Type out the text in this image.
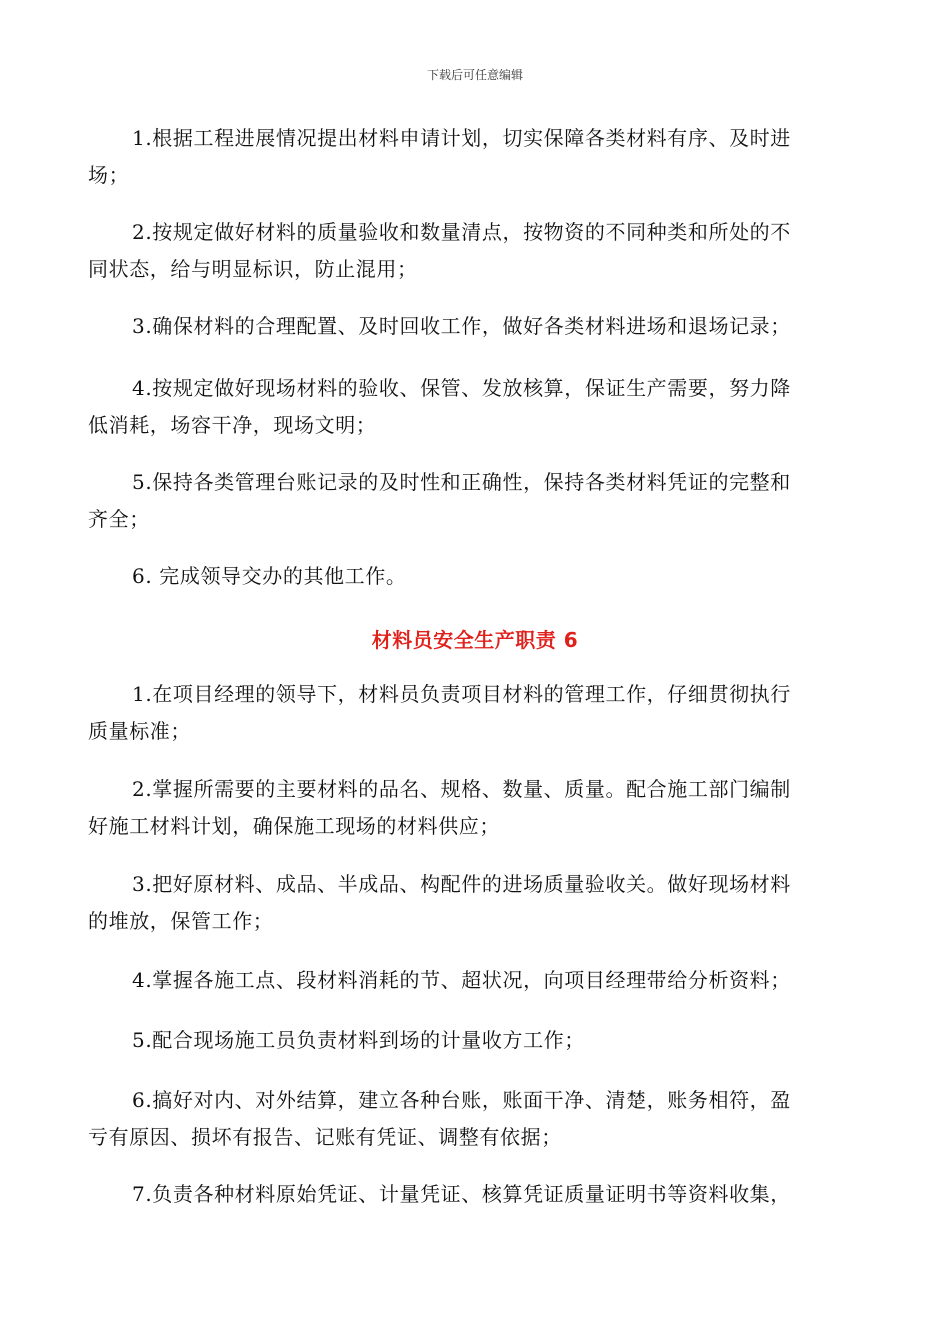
下载后可任意编辑

1.根据工程进展情况提出材料申请计划，切实保障各类材料有序、及时进
场；

2.按规定做好材料的质量验收和数量清点，按物资的不同种类和所处的不
同状态，给与明显标识，防止混用；

3.确保材料的合理配置、及时回收工作，做好各类材料进场和退场记录；

4.按规定做好现场材料的验收、保管、发放核算，保证生产需要，努力降
低消耗，场容干净，现场文明；

5.保持各类管理台账记录的及时性和正确性，保持各类材料凭证的完整和
齐全；

6. 完成领导交办的其他工作。

材料员安全生产职责 6

1.在项目经理的领导下，材料员负责项目材料的管理工作，仔细贯彻执行
质量标准；

2.掌握所需要的主要材料的品名、规格、数量、质量。配合施工部门编制
好施工材料计划，确保施工现场的材料供应；

3.把好原材料、成品、半成品、构配件的进场质量验收关。做好现场材料
的堆放，保管工作；

4.掌握各施工点、段材料消耗的节、超状况，向项目经理带给分析资料；

5.配合现场施工员负责材料到场的计量收方工作；

6.搞好对内、对外结算，建立各种台账，账面干净、清楚，账务相符，盈
亏有原因、损坏有报告、记账有凭证、调整有依据；

7.负责各种材料原始凭证、计量凭证、核算凭证质量证明书等资料收集，
